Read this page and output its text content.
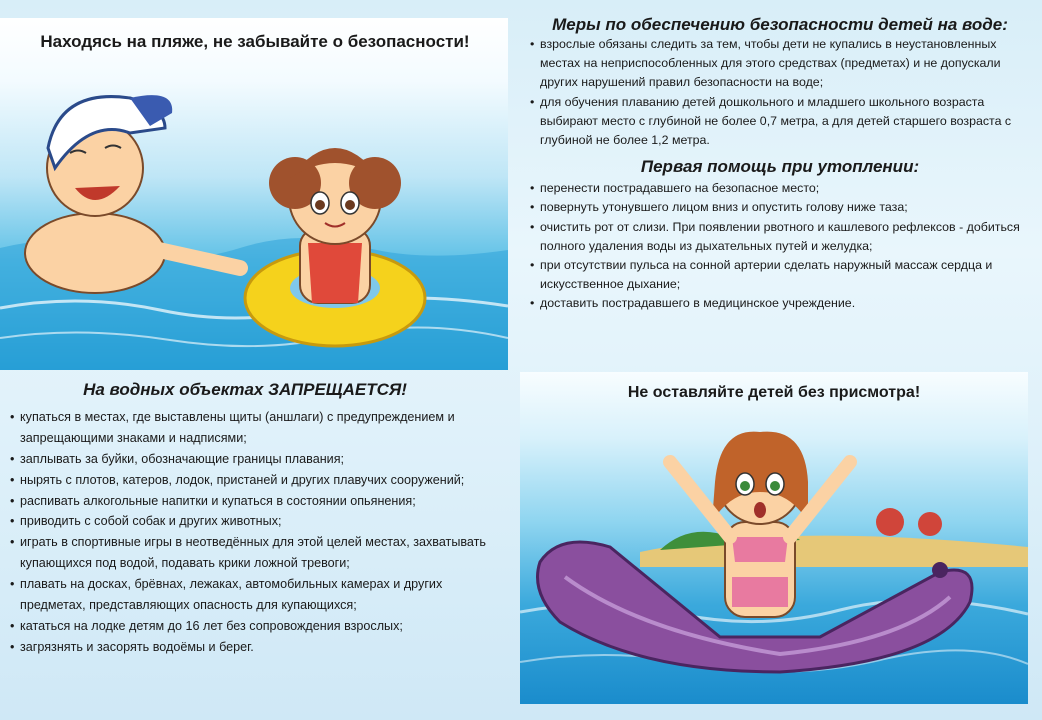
Находясь на пляже, не забывайте о безопасности!
Меры по обеспечению безопасности детей на воде:
• взрослые обязаны следить за тем, чтобы дети не купались в неустановленных местах на неприспособленных для этого средствах (предметах) и не допускали других нарушений правил безопасности на воде;
• для обучения плаванию детей дошкольного и младшего школьного возраста выбирают место с глубиной не более 0,7 метра, а для детей старшего возраста с глубиной не более 1,2 метра.
Первая помощь при утоплении:
• перенести пострадавшего на безопасное место;
• повернуть утонувшего лицом вниз и опустить голову ниже таза;
• очистить рот от слизи. При появлении рвотного и кашлевого рефлексов - добиться полного удаления воды из дыхательных путей и желудка;
• при отсутствии пульса на сонной артерии сделать наружный массаж сердца и искусственное дыхание;
• доставить пострадавшего в медицинское учреждение.
На водных объектах ЗАПРЕЩАЕТСЯ!
• купаться в местах, где выставлены щиты (аншлаги) с предупреждением и запрещающими знаками и надписями;
• заплывать за буйки, обозначающие границы плавания;
• нырять с плотов, катеров, лодок, пристаней и других плавучих сооружений;
• распивать алкогольные напитки и купаться в состоянии опьянения;
• приводить с собой собак и других животных;
• играть в спортивные игры в неотведённых для этой целей местах, захватывать купающихся под водой, подавать крики ложной тревоги;
• плавать на досках, брёвнах, лежаках, автомобильных камерах и других предметах, представляющих опасность для купающихся;
• кататься на лодке детям до 16 лет без сопровождения взрослых;
• загрязнять и засорять водоёмы и берег.
Не оставляйте детей без присмотра!
